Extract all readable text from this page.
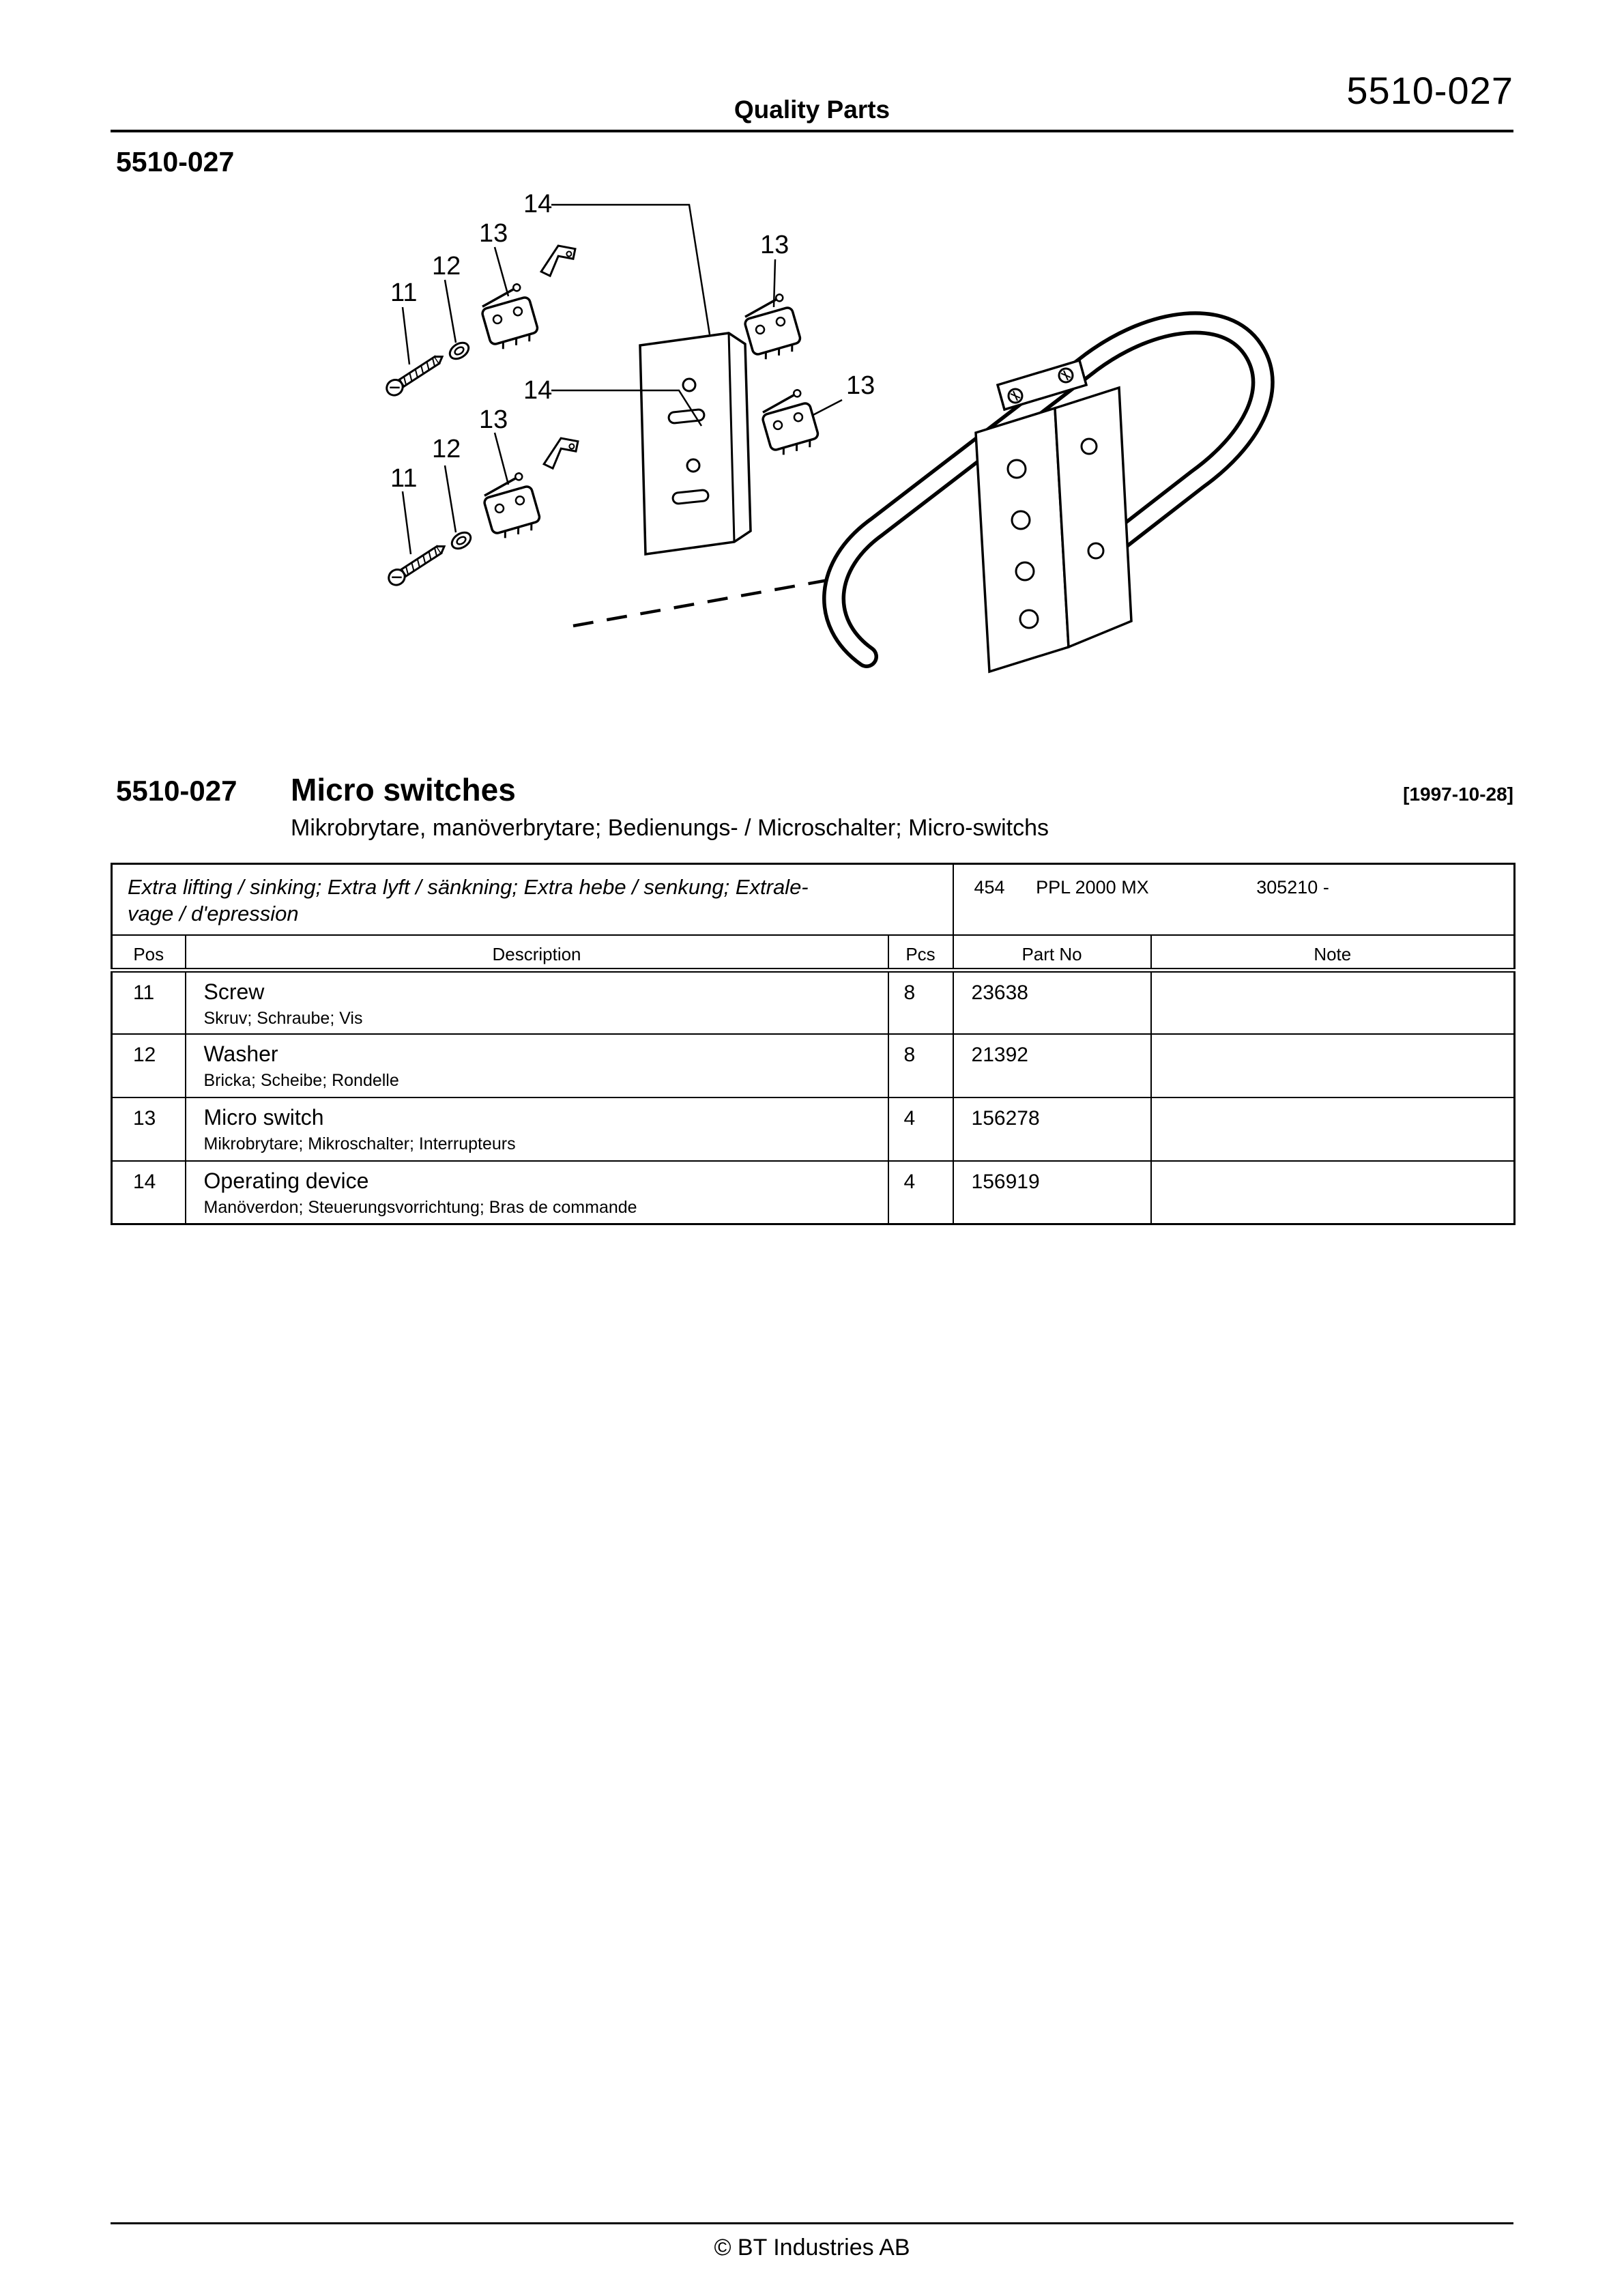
5510-027
Quality Parts
5510-027
14
13
12
11
13
14
13
12
11
13
5510-027	Micro switches	[1997-10-28]
Mikrobrytare, manöverbrytare; Bedienungs- / Microschalter; Micro-switchs
Extra lifting / sinking; Extra lyft / sänkning; Extra hebe / senkung; Extrale-
vage / d'epression			454 PPL 2000 MX 305210 -	
Pos	Description	Pcs	Part No	Note
11	Screw
Skruv; Schraube; Vis	8	23638	
12	Washer
Bricka; Scheibe; Rondelle	8	21392	
13	Micro switch
Mikrobrytare; Mikroschalter; Interrupteurs	4	156278	
14	Operating device
Manöverdon; Steuerungsvorrichtung; Bras de commande	4	156919	
© BT Industries AB
